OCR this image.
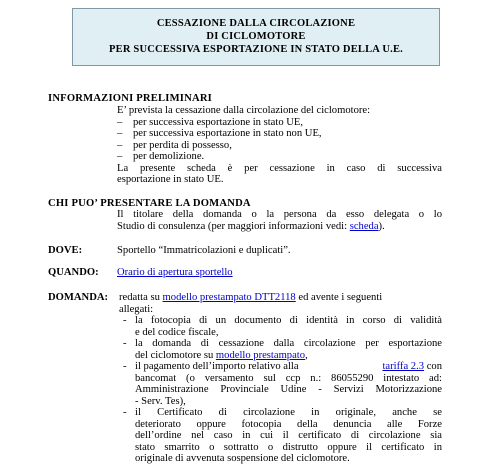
CESSAZIONE DALLA CIRCOLAZIONE
DI CICLOMOTORE
PER SUCCESSIVA ESPORTAZIONE IN STATO DELLA U.E.
INFORMAZIONI PRELIMINARI
E’ prevista la cessazione dalla circolazione del ciclomotore:
– per successiva esportazione in stato UE,
– per successiva esportazione in stato non UE,
– per perdita di possesso,
– per demolizione.
La presente scheda è per cessazione in caso di successiva
esportazione in stato UE.
CHI PUO’ PRESENTARE LA DOMANDA
Il titolare della domanda o la persona da esso delegata o lo
Studio di consulenza (per maggiori informazioni vedi: scheda).
DOVE:	Sportello “Immatricolazioni e duplicati”.
QUANDO: Orario di apertura sportello
DOMANDA: redatta su modello prestampato DTT2118 ed avente i seguenti
allegati:
- la fotocopia di un documento di identità in corso di validità
e del codice fiscale,
- la domanda di cessazione dalla circolazione per esportazione
del ciclomotore su modello prestampato,
- il pagamento dell’importo relativo alla	tariffa 2.3 con
bancomat (o versamento sul ccp n.: 86055290 intestato ad:
Amministrazione Provinciale Udine - Servizi Motorizzazione
- Serv. Tes),
- il Certificato di circolazione in originale, anche se
deteriorato oppure fotocopia della denuncia alle Forze
dell’ordine nel caso in cui il certificato di circolazione sia
stato smarrito o sottratto o distrutto oppure il certificato in
originale di avvenuta sospensione del ciclomotore.
